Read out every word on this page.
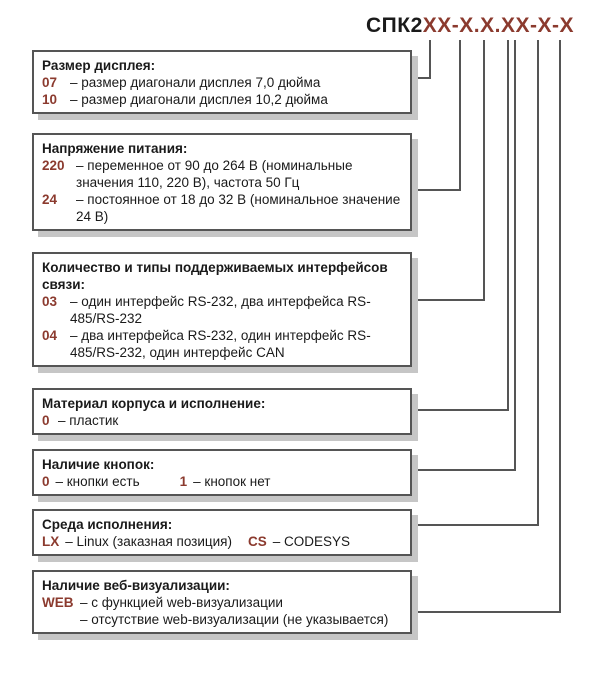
СПК2XX-X.X.XX-X-X
Размер дисплея:
07 – размер диагонали дисплея 7,0 дюйма
10 – размер диагонали дисплея 10,2 дюйма
Напряжение питания:
220 – переменное от 90 до 264 В (номинальные значения 110, 220 В), частота 50 Гц
24	– постоянное от 18 до 32 В (номинальное значение 24 В)
Количество и типы поддерживаемых интерфейсов связи:
03 – один интерфейс RS-232, два интерфейса RS-485/RS-232
04 – два интерфейса RS-232, один интерфейс RS-485/RS-232, один интерфейс CAN
Материал корпуса и исполнение:
0 – пластик
Наличие кнопок:
0 – кнопки есть	1 – кнопок нет
Среда исполнения:
LX – Linux (заказная позиция) CS – CODESYS
Наличие веб-визуализации:
WEB – с функцией web-визуализации
– отсутствие web-визуализации (не указывается)
